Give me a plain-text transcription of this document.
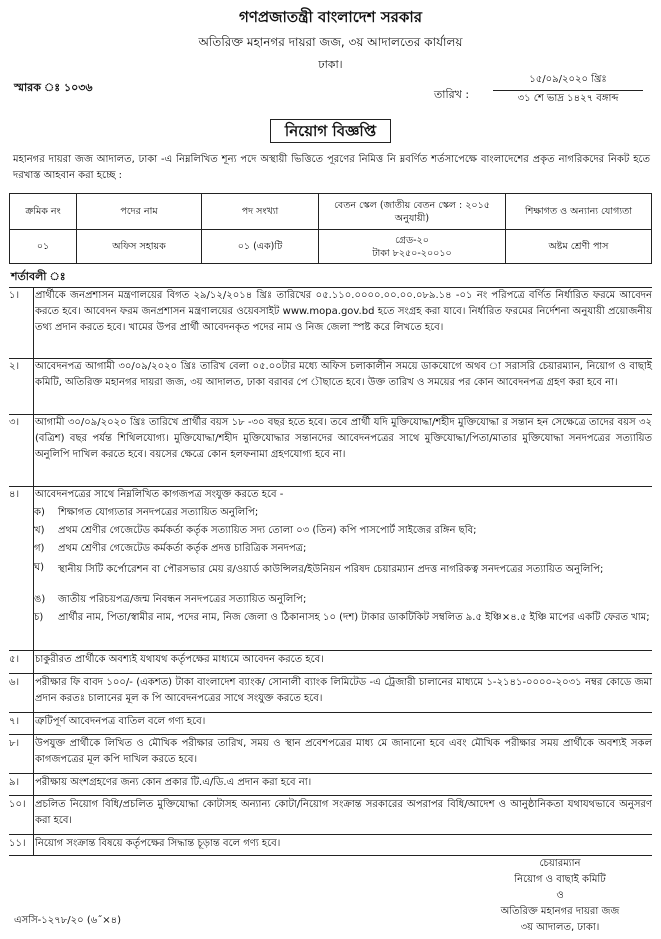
গণপ্রজাতন্ত্রী বাংলাদেশ সরকার
অতিরিক্ত মহানগর দায়রা জজ, ৩য় আদালতের কার্যালয়
ঢাকা।
স্মারক ঃ ১০৩৬
তারিখ :
১৫/০৯/২০২০ খ্রিঃ
৩১ শে ভাদ্র ১৪২৭ বঙ্গাব্দ
নিয়োগ বিজ্ঞপ্তি
মহানগর দায়রা জজ আদালত, ঢাকা -এ নিম্নলিখিত শূন্য পদে অস্থায়ী ভিত্তিতে পূরণের নিমিত্ত নি ম্নবর্ণিত শর্তসাপেক্ষে বাংলাদেশের প্রকৃত নাগরিকদের নিকট হতে দরখাস্ত আহবান করা হচ্ছে :
ক্রমিক নং	পদের নাম	পদ সংখ্যা	বেতন স্কেল (জাতীয় বেতন স্কেল : ২০১৫ অনুযায়ী)	শিক্ষাগত ও অন্যান্য যোগ্যতা
০১	অফিস সহায়ক	০১ (এক)টি	গ্রেড-২০
টাকা ৮২৫০-২০০১০	অষ্টম শ্রেণী পাস
শর্তাবলী ঃ
১।	প্রার্থীকে জনপ্রশাসন মন্ত্রণালয়ের বিগত ২৯/১২/২০১৪ খ্রিঃ তারিখের ০৫.১১০.০০০০.০০.০০.০৮৯.১৪ -০১ নং পরিপত্রে বর্ণিত নির্ধারিত ফরমে আবেদন করতে হবে। আবেদন ফরম জনপ্রশাসন মন্ত্রণালয়ের ওয়েবসাইট www.mopa.gov.bd হতে সংগ্রহ করা যাবে। নির্ধারিত ফরমের নির্দেশনা অনুযায়ী প্রয়োজনীয় তথ্য প্রদান করতে হবে। খামের উপর প্রার্থী আবেদনকৃত পদের নাম ও নিজ জেলা স্পষ্ট করে লিখতে হবে।
২।	আবেদনপত্র আগামী ৩০/০৯/২০২০ খ্রিঃ তারিখ বেলা ০৫.০০টার মধ্যে অফিস চলাকালীন সময়ে ডাকযোগে অথব া সরাসরি চেয়ারম্যান, নিয়োগ ও বাছাই কমিটি, অতিরিক্ত মহানগর দায়রা জজ, ৩য় আদালত, ঢাকা বরাবর পে ৗছাতে হবে। উক্ত তারিখ ও সময়ের পর কোন আবেদনপত্র গ্রহণ করা হবে না।
৩।	আগামী ৩০/০৯/২০২০ খ্রিঃ তারিখে প্রার্থীর বয়স ১৮ -৩০ বছর হতে হবে। তবে প্রার্থী যদি মুক্তিযোদ্ধা/শহীদ মুক্তিযোদ্ধা র সন্তান হন সেক্ষেত্রে তাদের বয়স ৩২ (বত্রিশ) বছর পর্যন্ত শিথিলযোগ্য। মুক্তিযোদ্ধা/শহীদ মুক্তিযোদ্ধার সন্তানদের আবেদনপত্রের সাথে মুক্তিযোদ্ধা/পিতা/মাতার মুক্তিযোদ্ধা সনদপত্রের সত্যায়িত অনুলিপি দাখিল করতে হবে। বয়সের ক্ষেত্রে কোন হলফনামা গ্রহণযোগ্য হবে না।
৪।	আবেদনপত্রের সাথে নিম্নলিখিত কাগজপত্র সংযুক্ত করতে হবে -
ক)	শিক্ষাগত যোগ্যতার সনদপত্রের সত্যায়িত অনুলিপি;
খ)	প্রথম শ্রেণীর গেজেটেড কর্মকর্তা কর্তৃক সত্যায়িত সদ্য তোলা ০৩ (তিন) কপি পাসপোর্ট সাইজের রঙ্গিন ছবি;
গ)	প্রথম শ্রেণীর গেজেটেড কর্মকর্তা কর্তৃক প্রদত্ত চারিত্রিক সনদপত্র;
ঘ)	স্থানীয় সিটি কর্পোরেশন বা পৌরসভার মেয় র/ওয়ার্ড কাউন্সিলর/ইউনিয়ন পরিষদ চেয়ারম্যান প্রদত্ত নাগরিকত্ব সনদপত্রের সত্যায়িত অনুলিপি;
ঙ)	জাতীয় পরিচয়পত্র/জন্ম নিবন্ধন সনদপত্রের সত্যায়িত অনুলিপি;
চ)	প্রার্থীর নাম, পিতা/স্বামীর নাম, পদের নাম, নিজ জেলা ও ঠিকানাসহ ১০ (দশ) টাকার ডাকটিকিট সম্বলিত ৯.৫ ইঞ্চি×৪.৫ ইঞ্চি মাপের একটি ফেরত খাম;
৫।	চাকুরীরত প্রার্থীকে অবশ্যই যথাযথ কর্তৃপক্ষের মাধ্যমে আবেদন করতে হবে।
৬।	পরীক্ষার ফি বাবদ ১০০/- (একশত) টাকা বাংলাদেশ ব্যাংক/ সোনালী ব্যাংক লিমিটেড -এ ট্রেজারী চালানের মাধ্যমে ১-২১৪১-০০০০-২০৩১ নম্বর কোডে জমা প্রদান করতঃ চালানের মূল ক পি আবেদনপত্রের সাথে সংযুক্ত করতে হবে।
৭।	ত্রুটিপূর্ণ আবেদনপত্র বাতিল বলে গণ্য হবে।
৮।	উপযুক্ত প্রার্থীকে লিখিত ও মৌখিক পরীক্ষার তারিখ, সময় ও স্থান প্রবেশপত্রের মাধ্য মে জানানো হবে এবং মৌখিক পরীক্ষার সময় প্রার্থীকে অবশ্যই সকল কাগজপত্রের মূল কপি দাখিল করতে হবে।
৯।	পরীক্ষায় অংশগ্রহণের জন্য কোন প্রকার টি.এ/ডি.এ প্রদান করা হবে না।
১০। প্রচলিত নিয়োগ বিধি/প্রচলিত মুক্তিযোদ্ধা কোটাসহ অন্যান্য কোটা/নিয়োগ সংক্রান্ত সরকারের অপরাপর বিধি/আদেশ ও আনুষ্ঠানিকতা যথাযথভাবে অনুসরণ করা হবে।
১১। নিয়োগ সংক্রান্ত বিষয়ে কর্তৃপক্ষের সিদ্ধান্ত চূড়ান্ত বলে গণ্য হবে।
চেয়ারম্যান
নিয়োগ ও বাছাই কমিটি
ও
অতিরিক্ত মহানগর দায়রা জজ
৩য় আদালত, ঢাকা।
এসসি-১২৭৮/২০ (৬˝×৪)
